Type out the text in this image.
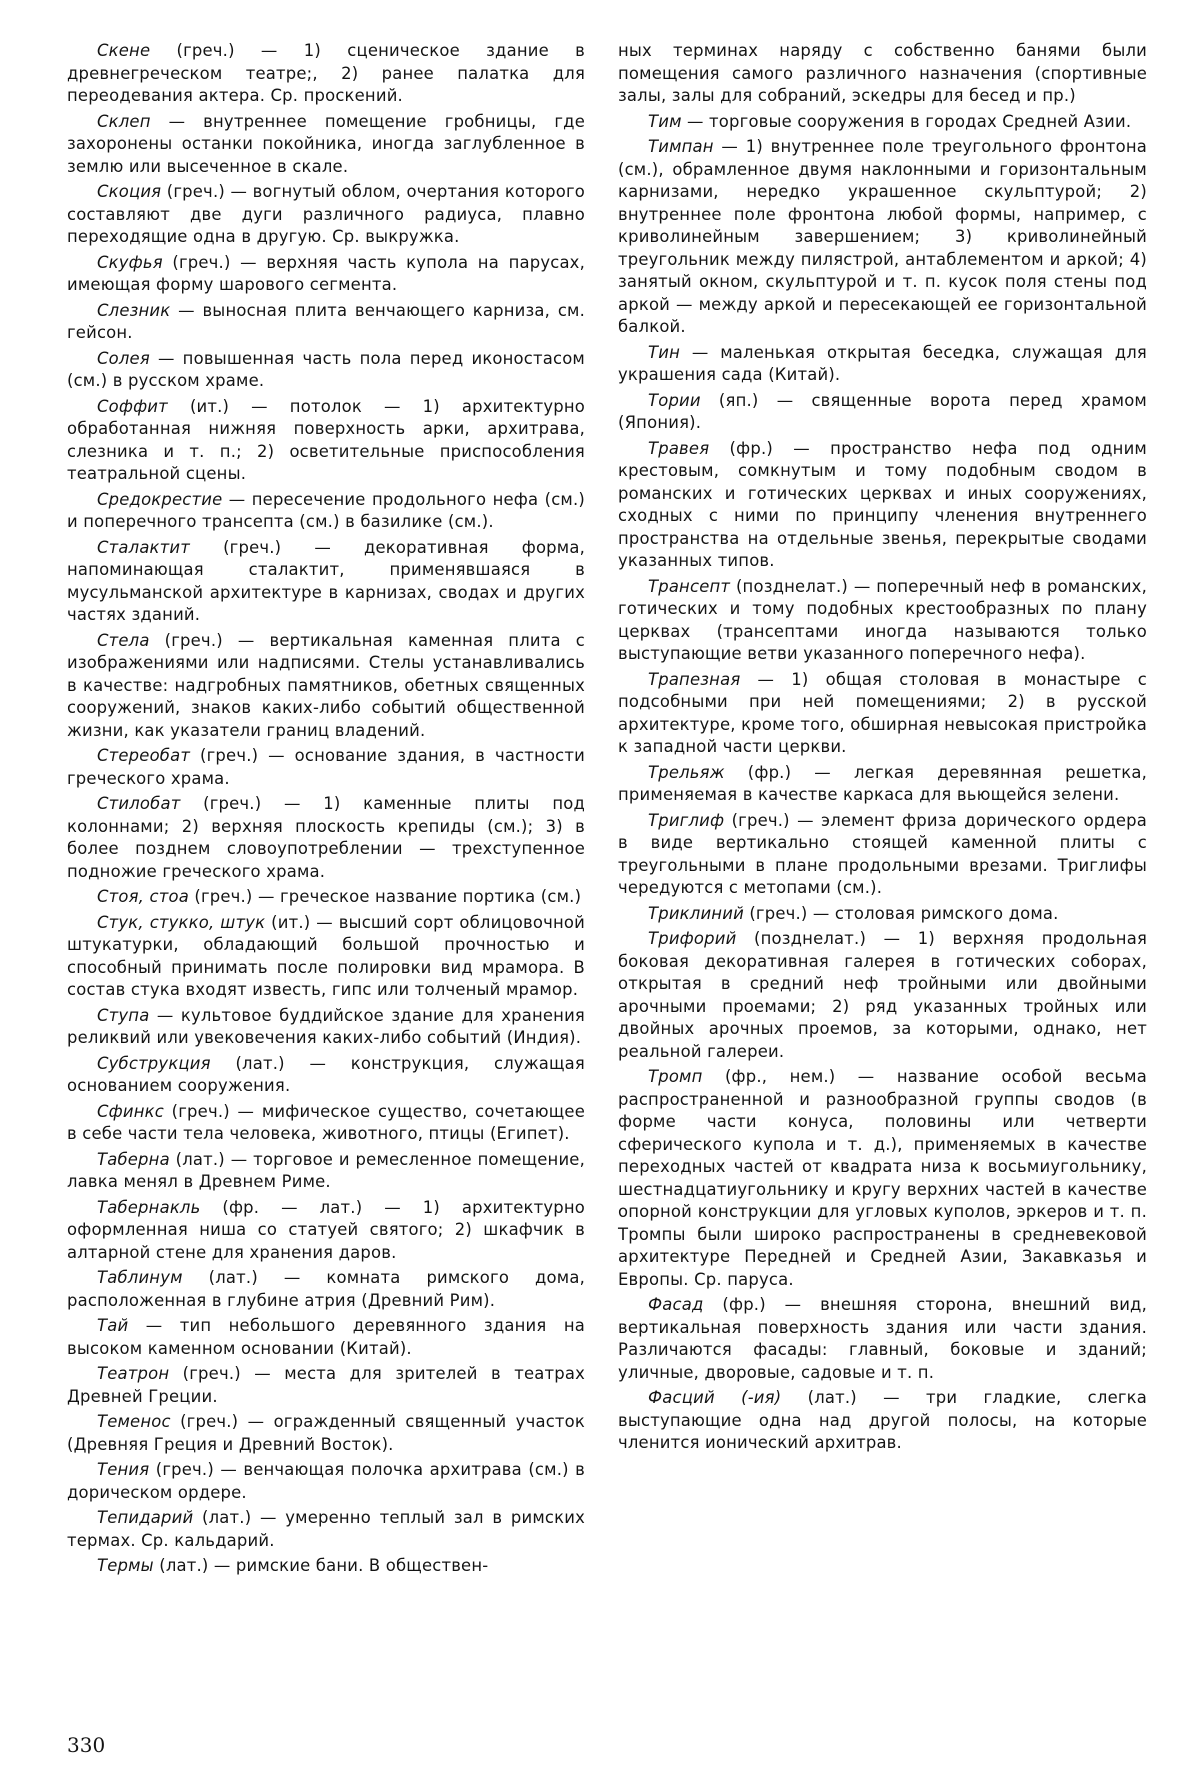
Скене (греч.) — 1) сценическое здание в древнегреческом театре;, 2) ранее палатка для переодевания актера. Ср. проскений.

Склеп — внутреннее помещение гробницы, где захоронены останки покойника, иногда заглубленное в землю или высеченное в скале.

Скоция (греч.) — вогнутый облом, очертания которого составляют две дуги различного радиуса, плавно переходящие одна в другую. Ср. выкружка.

Скуфья (греч.) — верхняя часть купола на парусах, имеющая форму шарового сегмента.

Слезник — выносная плита венчающего карниза, см. гейсон.

Солея — повышенная часть пола перед иконостасом (см.) в русском храме.

Соффит (ит.) — потолок — 1) архитектурно обработанная нижняя поверхность арки, архитрава, слезника и т. п.; 2) осветительные приспособления театральной сцены.

Средокрестие — пересечение продольного нефа (см.) и поперечного трансепта (см.) в базилике (см.).

Сталактит (греч.) — декоративная форма, напоминающая сталактит, применявшаяся в мусульманской архитектуре в карнизах, сводах и других частях зданий.

Стела (греч.) — вертикальная каменная плита с изображениями или надписями. Стелы устанавливались в качестве: надгробных памятников, обетных священных сооружений, знаков каких-либо событий общественной жизни, как указатели границ владений.

Стереобат (греч.) — основание здания, в частности греческого храма.

Стилобат (греч.) — 1) каменные плиты под колоннами; 2) верхняя плоскость крепиды (см.); 3) в более позднем словоупотреблении — трехступенное подножие греческого храма.

Стоя, стоа (греч.) — греческое название портика (см.)

Стук, стукко, штук (ит.) — высший сорт облицовочной штукатурки, обладающий большой прочностью и способный принимать после полировки вид мрамора. В состав стука входят известь, гипс или толченый мрамор.

Ступа — культовое буддийское здание для хранения реликвий или увековечения каких-либо событий (Индия).

Субструкция (лат.) — конструкция, служащая основанием сооружения.

Сфинкс (греч.) — мифическое существо, сочетающее в себе части тела человека, животного, птицы (Египет).

Таберна (лат.) — торговое и ремесленное помещение, лавка менял в Древнем Риме.

Табернакль (фр. — лат.) — 1) архитектурно оформленная ниша со статуей святого; 2) шкафчик в алтарной стене для хранения даров.

Таблинум (лат.) — комната римского дома, расположенная в глубине атрия (Древний Рим).

Тай — тип небольшого деревянного здания на высоком каменном основании (Китай).

Театрон (греч.) — места для зрителей в театрах Древней Греции.

Теменос (греч.) — огражденный священный участок (Древняя Греция и Древний Восток).

Тения (греч.) — венчающая полочка архитрава (см.) в дорическом ордере.

Тепидарий (лат.) — умеренно теплый зал в римских термах. Ср. кальдарий.

Термы (лат.) — римские бани. В обществен-

ных терминах наряду с собственно банями были помещения самого различного назначения (спортивные залы, залы для собраний, эскедры для бесед и пр.)

Тим — торговые сооружения в городах Средней Азии.

Тимпан — 1) внутреннее поле треугольного фронтона (см.), обрамленное двумя наклонными и горизонтальным карнизами, нередко украшенное скульптурой; 2) внутреннее поле фронтона любой формы, например, с криволинейным завершением; 3) криволинейный треугольник между пилястрой, антаблементом и аркой; 4) занятый окном, скульптурой и т. п. кусок поля стены под аркой — между аркой и пересекающей ее горизонтальной балкой.

Тин — маленькая открытая беседка, служащая для украшения сада (Китай).

Тории (яп.) — священные ворота перед храмом (Япония).

Травея (фр.) — пространство нефа под одним крестовым, сомкнутым и тому подобным сводом в романских и готических церквах и иных сооружениях, сходных с ними по принципу членения внутреннего пространства на отдельные звенья, перекрытые сводами указанных типов.

Трансепт (позднелат.) — поперечный неф в романских, готических и тому подобных крестообразных по плану церквах (трансептами иногда называются только выступающие ветви указанного поперечного нефа).

Трапезная — 1) общая столовая в монастыре с подсобными при ней помещениями; 2) в русской архитектуре, кроме того, обширная невысокая пристройка к западной части церкви.

Трельяж (фр.) — легкая деревянная решетка, применяемая в качестве каркаса для вьющейся зелени.

Триглиф (греч.) — элемент фриза дорического ордера в виде вертикально стоящей каменной плиты с треугольными в плане продольными врезами. Триглифы чередуются с метопами (см.).

Триклиний (греч.) — столовая римского дома.

Трифорий (позднелат.) — 1) верхняя продольная боковая декоративная галерея в готических соборах, открытая в средний неф тройными или двойными арочными проемами; 2) ряд указанных тройных или двойных арочных проемов, за которыми, однако, нет реальной галереи.

Тромп (фр., нем.) — название особой весьма распространенной и разнообразной группы сводов (в форме части конуса, половины или четверти сферического купола и т. д.), применяемых в качестве переходных частей от квадрата низа к восьмиугольнику, шестнадцатиугольнику и кругу верхних частей в качестве опорной конструкции для угловых куполов, эркеров и т. п. Тромпы были широко распространены в средневековой архитектуре Передней и Средней Азии, Закавказья и Европы. Ср. паруса.

Фасад (фр.) — внешняя сторона, внешний вид, вертикальная поверхность здания или части здания. Различаются фасады: главный, боковые и зданий; уличные, дворовые, садовые и т. п.

Фасций (-ия) (лат.) — три гладкие, слегка выступающие одна над другой полосы, на которые членится ионический архитрав.

330
